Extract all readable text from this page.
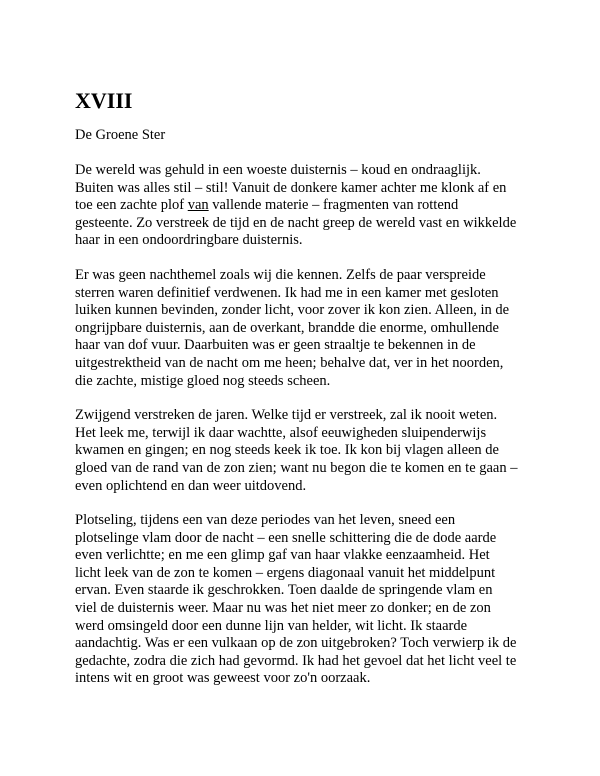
XVIII
De Groene Ster
De wereld was gehuld in een woeste duisternis – koud en ondraaglijk.
Buiten was alles stil – stil! Vanuit de donkere kamer achter me klonk af en
toe een zachte plof van vallende materie – fragmenten van rottend
gesteente. Zo verstreek de tijd en de nacht greep de wereld vast en wikkelde
haar in een ondoordringbare duisternis.
Er was geen nachthemel zoals wij die kennen. Zelfs de paar verspreide
sterren waren definitief verdwenen. Ik had me in een kamer met gesloten
luiken kunnen bevinden, zonder licht, voor zover ik kon zien. Alleen, in de
ongrijpbare duisternis, aan de overkant, brandde die enorme, omhullende
haar van dof vuur. Daarbuiten was er geen straaltje te bekennen in de
uitgestrektheid van de nacht om me heen; behalve dat, ver in het noorden,
die zachte, mistige gloed nog steeds scheen.
Zwijgend verstreken de jaren. Welke tijd er verstreek, zal ik nooit weten.
Het leek me, terwijl ik daar wachtte, alsof eeuwigheden sluipenderwijs
kwamen en gingen; en nog steeds keek ik toe. Ik kon bij vlagen alleen de
gloed van de rand van de zon zien; want nu begon die te komen en te gaan –
even oplichtend en dan weer uitdovend.
Plotseling, tijdens een van deze periodes van het leven, sneed een
plotselinge vlam door de nacht – een snelle schittering die de dode aarde
even verlichtte; en me een glimp gaf van haar vlakke eenzaamheid. Het
licht leek van de zon te komen – ergens diagonaal vanuit het middelpunt
ervan. Even staarde ik geschrokken. Toen daalde de springende vlam en
viel de duisternis weer. Maar nu was het niet meer zo donker; en de zon
werd omsingeld door een dunne lijn van helder, wit licht. Ik staarde
aandachtig. Was er een vulkaan op de zon uitgebroken? Toch verwierp ik de
gedachte, zodra die zich had gevormd. Ik had het gevoel dat het licht veel te
intens wit en groot was geweest voor zo'n oorzaak.
